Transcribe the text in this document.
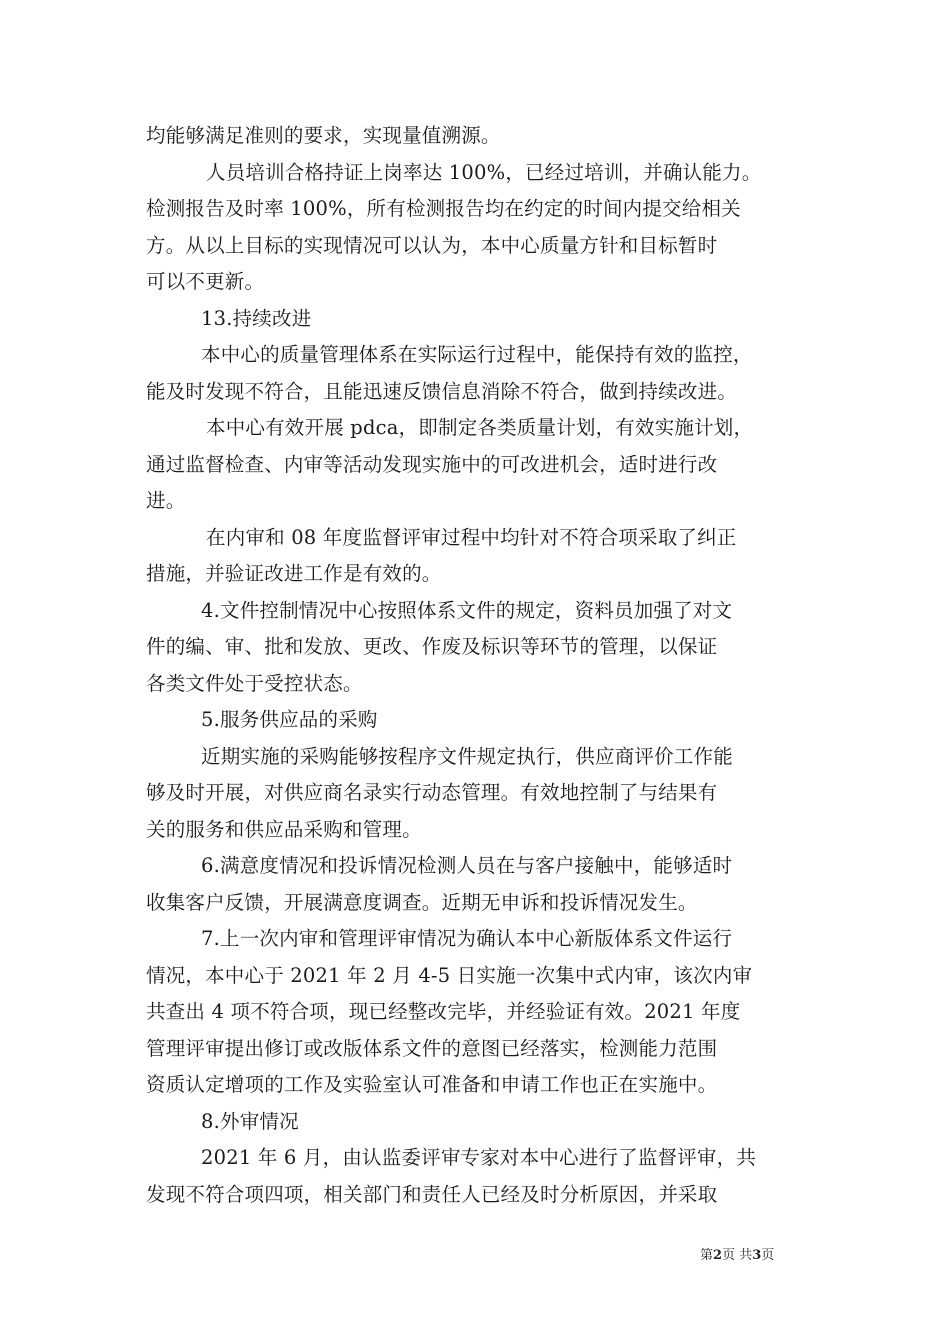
均能够满足准则的要求，实现量值溯源。
人员培训合格持证上岗率达 100%，已经过培训，并确认能力。
检测报告及时率 100%，所有检测报告均在约定的时间内提交给相关
方。从以上目标的实现情况可以认为，本中心质量方针和目标暂时
可以不更新。
13.持续改进
本中心的质量管理体系在实际运行过程中，能保持有效的监控，
能及时发现不符合，且能迅速反馈信息消除不符合，做到持续改进。
本中心有效开展 pdca，即制定各类质量计划，有效实施计划，
通过监督检查、内审等活动发现实施中的可改进机会，适时进行改
进。
在内审和 08 年度监督评审过程中均针对不符合项采取了纠正
措施，并验证改进工作是有效的。
4.文件控制情况中心按照体系文件的规定，资料员加强了对文
件的编、审、批和发放、更改、作废及标识等环节的管理，以保证
各类文件处于受控状态。
5.服务供应品的采购
近期实施的采购能够按程序文件规定执行，供应商评价工作能
够及时开展，对供应商名录实行动态管理。有效地控制了与结果有
关的服务和供应品采购和管理。
6.满意度情况和投诉情况检测人员在与客户接触中，能够适时
收集客户反馈，开展满意度调查。近期无申诉和投诉情况发生。
7.上一次内审和管理评审情况为确认本中心新版体系文件运行
情况，本中心于 2021 年 2 月 4-5 日实施一次集中式内审，该次内审
共查出 4 项不符合项，现已经整改完毕，并经验证有效。2021 年度
管理评审提出修订或改版体系文件的意图已经落实，检测能力范围
资质认定增项的工作及实验室认可准备和申请工作也正在实施中。
8.外审情况
2021 年 6 月，由认监委评审专家对本中心进行了监督评审，共
发现不符合项四项，相关部门和责任人已经及时分析原因，并采取
第2页 共3页
